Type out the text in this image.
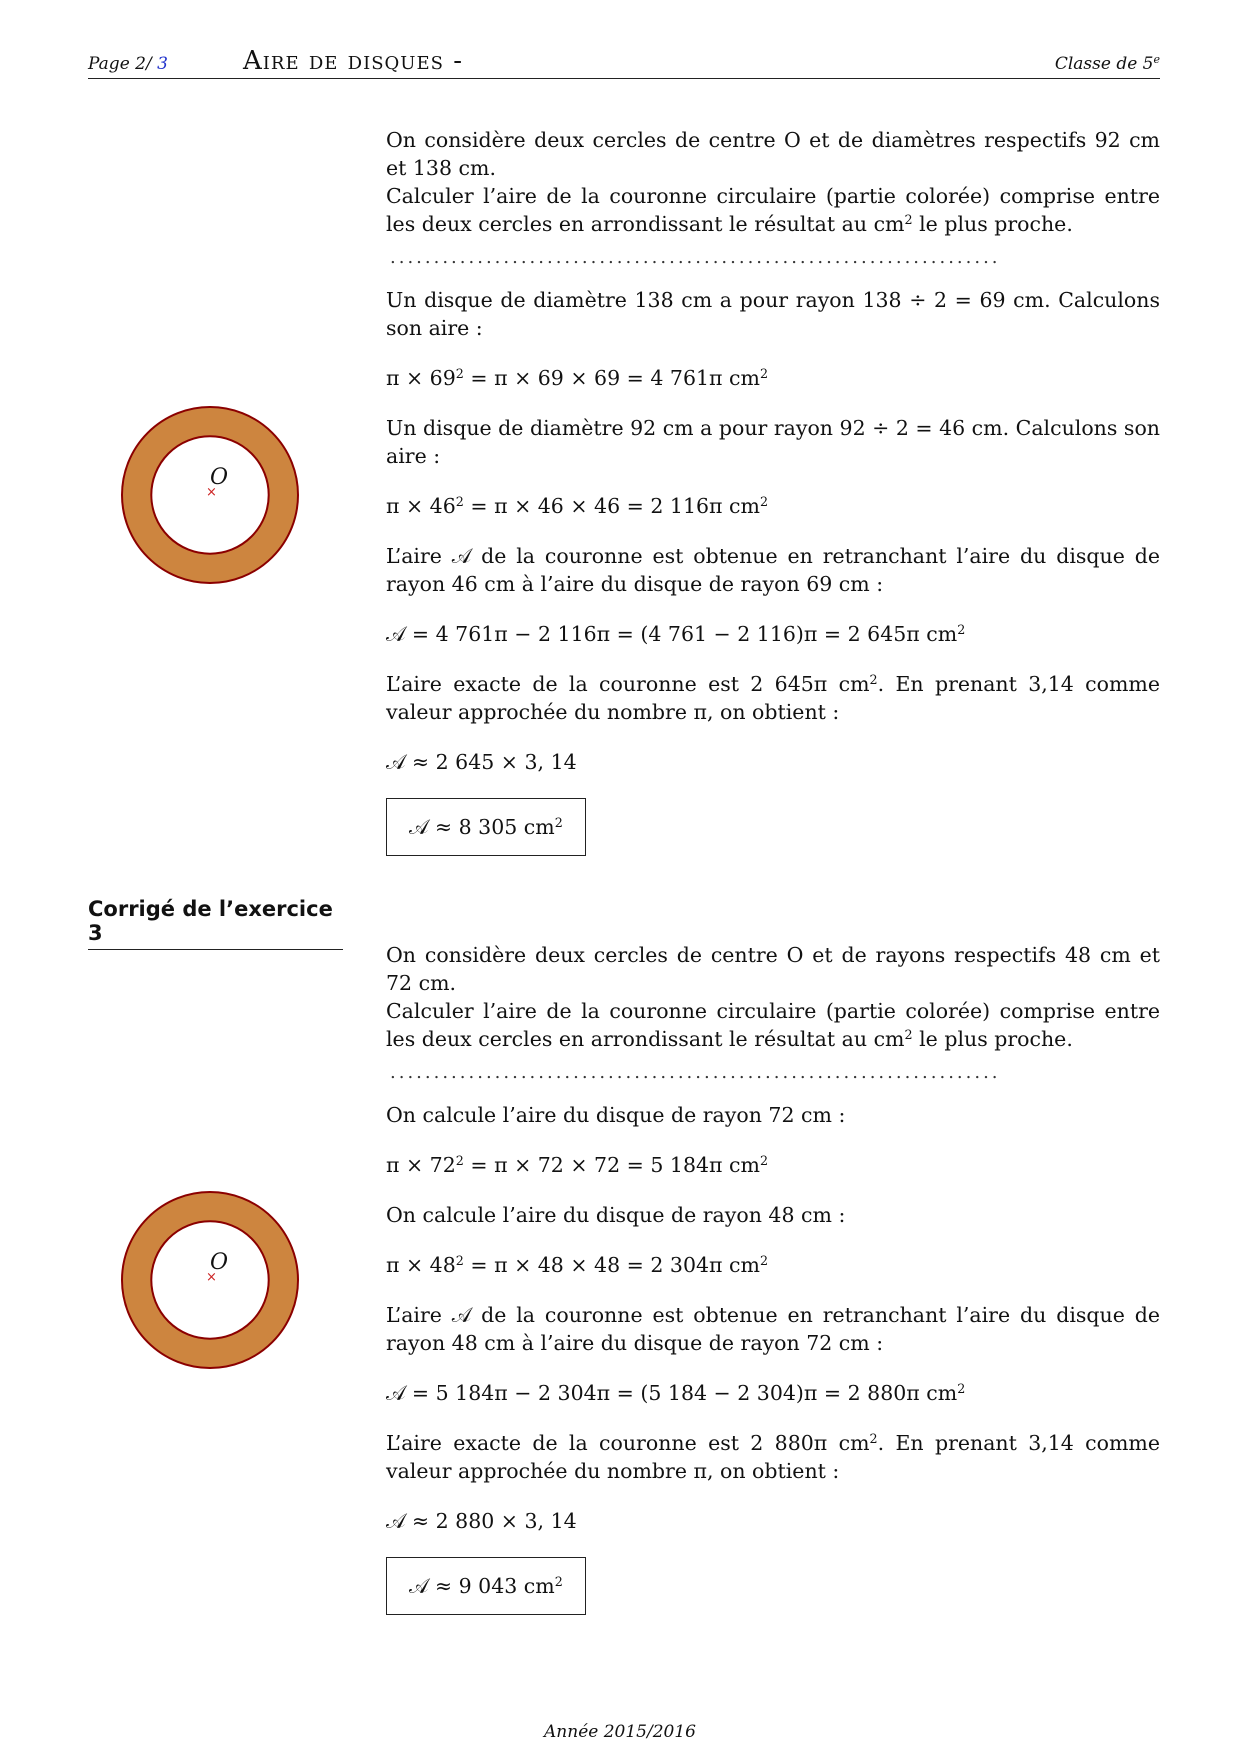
Page 2/ 3	Aire de disques -	Classe de $5^e$
×
O

On considère deux cercles de centre O et de diamètres respectifs 92 cm et 138 cm.

Calculer l’aire de la couronne circulaire (partie colorée) comprise entre les deux cercles en arrondissant le résultat au $cm^2$ le plus proche.

......................................................................

Un disque de diamètre 138 cm a pour rayon 138 ÷ 2 = 69 cm. Calculons son aire :

$\pi \times 69^2 = \pi \times 69 \times 69 = 4$ 761π $cm^2$

Un disque de diamètre 92 cm a pour rayon 92 ÷ 2 = 46 cm. Calculons son aire :

$\pi \times 46^2 = \pi \times 46 \times 46 = 2$ 116π $cm^2$

L’aire 𝒜 de la couronne est obtenue en retranchant l’aire du disque de rayon 46 cm à l’aire du disque de rayon 69 cm :

𝒜 = 4 761π − 2 116π = (4 761 − 2 116)π = 2 645π $cm^2$

L’aire exacte de la couronne est 2 645π $cm^2$. En prenant 3,14 comme valeur approchée du nombre π, on obtient :

𝒜 ≈ 2 645 × 3, 14

𝒜 ≈ 8 305 $cm^2$
Corrigé de l’exercice 3
×
O

On considère deux cercles de centre O et de rayons respectifs 48 cm et 72 cm.

Calculer l’aire de la couronne circulaire (partie colorée) comprise entre les deux cercles en arrondissant le résultat au $cm^2$ le plus proche.

......................................................................

On calcule l’aire du disque de rayon 72 cm :

$\pi \times 72^2 = \pi \times 72 \times 72 = 5$ 184π $cm^2$

On calcule l’aire du disque de rayon 48 cm :

$\pi \times 48^2 = \pi \times 48 \times 48 = 2$ 304π $cm^2$

L’aire 𝒜 de la couronne est obtenue en retranchant l’aire du disque de rayon 48 cm à l’aire du disque de rayon 72 cm :

𝒜 = 5 184π − 2 304π = (5 184 − 2 304)π = 2 880π $cm^2$

L’aire exacte de la couronne est 2 880π $cm^2$. En prenant 3,14 comme valeur approchée du nombre π, on obtient :

𝒜 ≈ 2 880 × 3, 14

𝒜 ≈ 9 043 $cm^2$
Année 2015/2016
